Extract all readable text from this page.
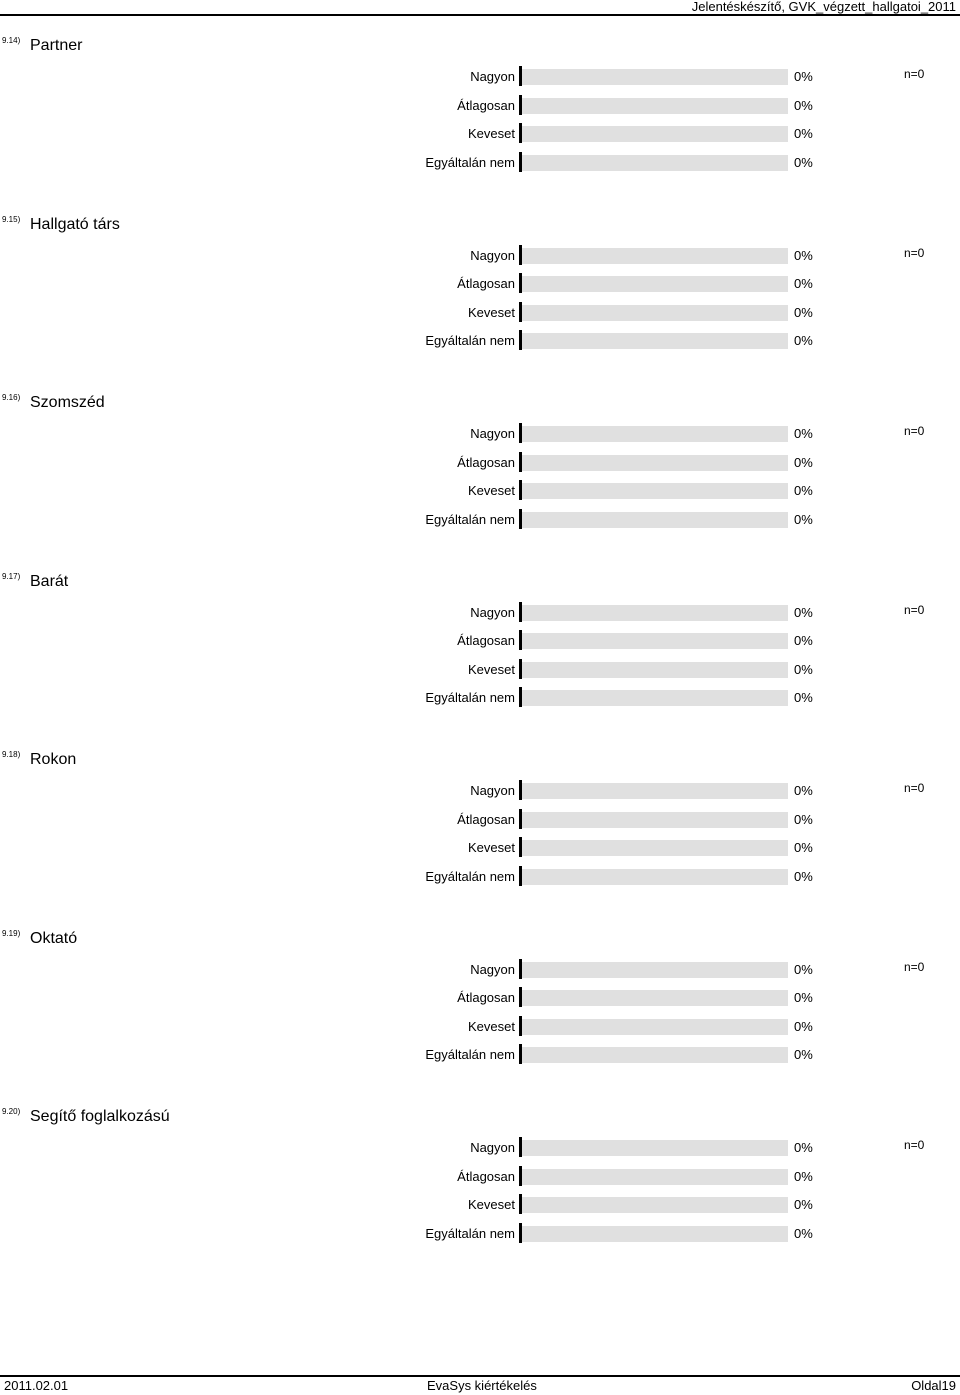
Jelentéskészítő, GVK_végzett_hallgatoi_2011
9.14) Partner
Nagyon	0%	n=0
Átlagosan	0%
Keveset	0%
Egyáltalán nem	0%
9.15) Hallgató társ
Nagyon	0%	n=0
Átlagosan	0%
Keveset	0%
Egyáltalán nem	0%
9.16) Szomszéd
Nagyon	0%	n=0
Átlagosan	0%
Keveset	0%
Egyáltalán nem	0%
9.17) Barát
Nagyon	0%	n=0
Átlagosan	0%
Keveset	0%
Egyáltalán nem	0%
9.18) Rokon
Nagyon	0%	n=0
Átlagosan	0%
Keveset	0%
Egyáltalán nem	0%
9.19) Oktató
Nagyon	0%	n=0
Átlagosan	0%
Keveset	0%
Egyáltalán nem	0%
9.20) Segítő foglalkozású
Nagyon	0%	n=0
Átlagosan	0%
Keveset	0%
Egyáltalán nem	0%
2011.02.01	EvaSys kiértékelés	Oldal19
